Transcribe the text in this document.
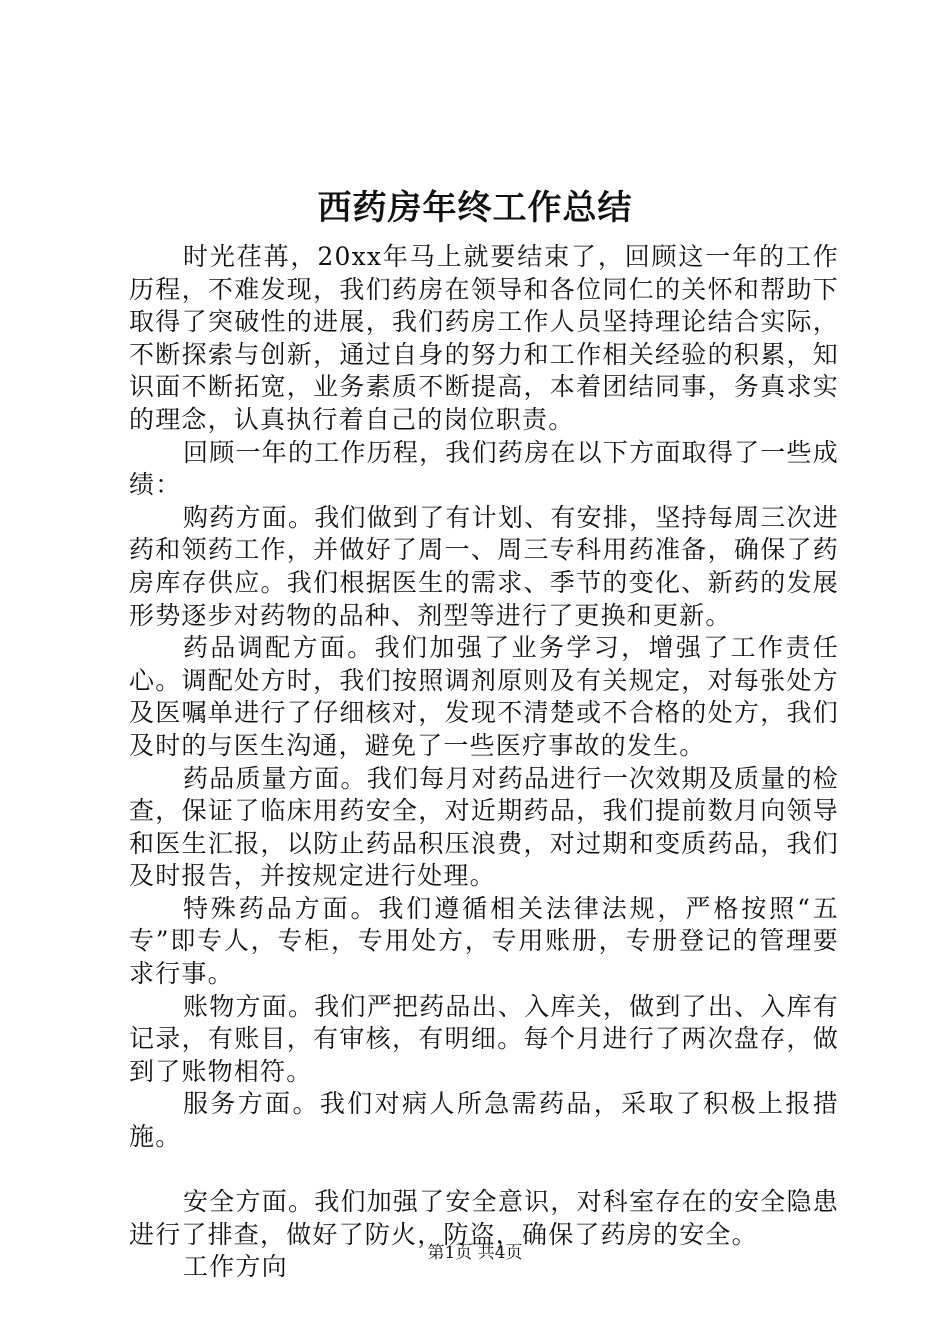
西药房年终工作总结

时光荏苒，20xx年马上就要结束了，回顾这一年的工作历程，不难发现，我们药房在领导和各位同仁的关怀和帮助下取得了突破性的进展，我们药房工作人员坚持理论结合实际，不断探索与创新，通过自身的努力和工作相关经验的积累，知识面不断拓宽，业务素质不断提高，本着团结同事，务真求实的理念，认真执行着自己的岗位职责。

回顾一年的工作历程，我们药房在以下方面取得了一些成绩：

购药方面。我们做到了有计划、有安排，坚持每周三次进药和领药工作，并做好了周一、周三专科用药准备，确保了药房库存供应。我们根据医生的需求、季节的变化、新药的发展形势逐步对药物的品种、剂型等进行了更换和更新。

药品调配方面。我们加强了业务学习，增强了工作责任心。调配处方时，我们按照调剂原则及有关规定，对每张处方及医嘱单进行了仔细核对，发现不清楚或不合格的处方，我们及时的与医生沟通，避免了一些医疗事故的发生。

药品质量方面。我们每月对药品进行一次效期及质量的检查，保证了临床用药安全，对近期药品，我们提前数月向领导和医生汇报，以防止药品积压浪费，对过期和变质药品，我们及时报告，并按规定进行处理。

特殊药品方面。我们遵循相关法律法规，严格按照“五专”即专人，专柜，专用处方，专用账册，专册登记的管理要求行事。

账物方面。我们严把药品出、入库关，做到了出、入库有记录，有账目，有审核，有明细。每个月进行了两次盘存，做到了账物相符。

服务方面。我们对病人所急需药品，采取了积极上报措施。

安全方面。我们加强了安全意识，对科室存在的安全隐患进行了排查，做好了防火，防盗，确保了药房的安全。

工作方向	第1页 共4页
